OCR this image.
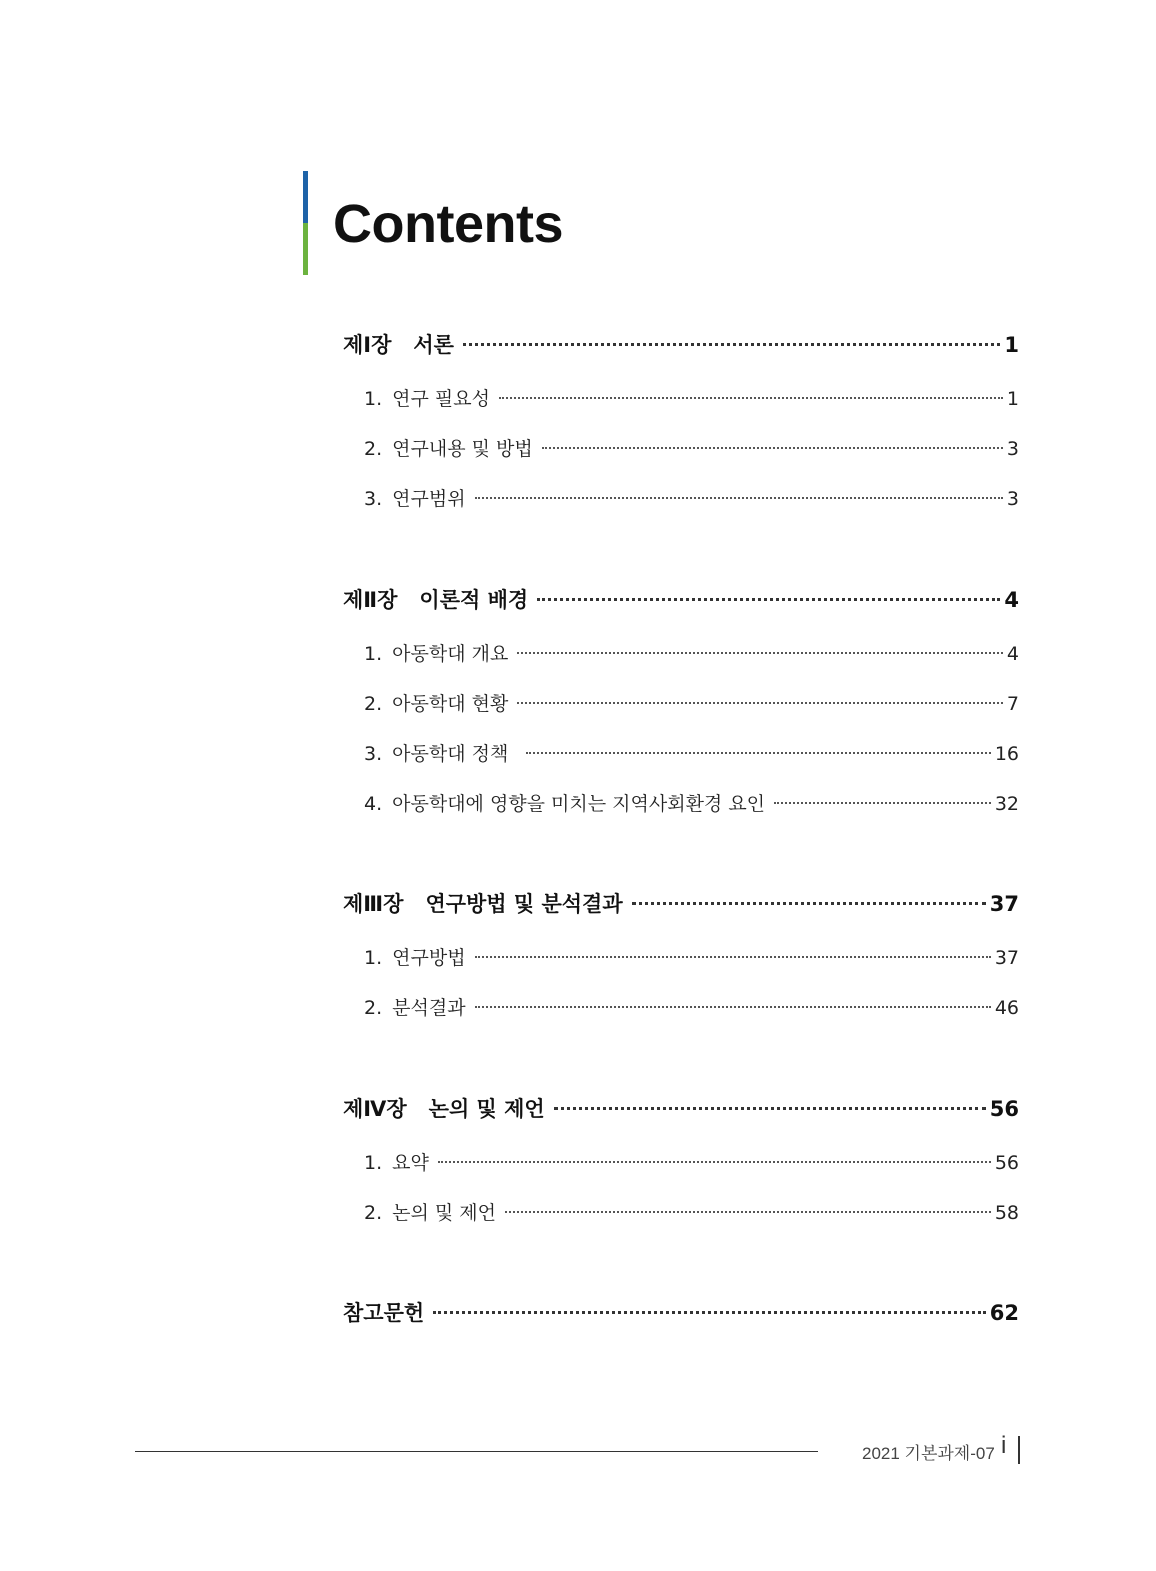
Contents
제Ⅰ장 서론	1
1. 연구 필요성	1
2. 연구내용 및 방법	3
3. 연구범위	3
제Ⅱ장 이론적 배경	4
1. 아동학대 개요	4
2. 아동학대 현황	7
3. 아동학대 정책	16
4. 아동학대에 영향을 미치는 지역사회환경 요인	32
제Ⅲ장 연구방법 및 분석결과	37
1. 연구방법	37
2. 분석결과	46
제Ⅳ장 논의 및 제언	56
1. 요약	56
2. 논의 및 제언	58
참고문헌	62
2021 기본과제-07 i
